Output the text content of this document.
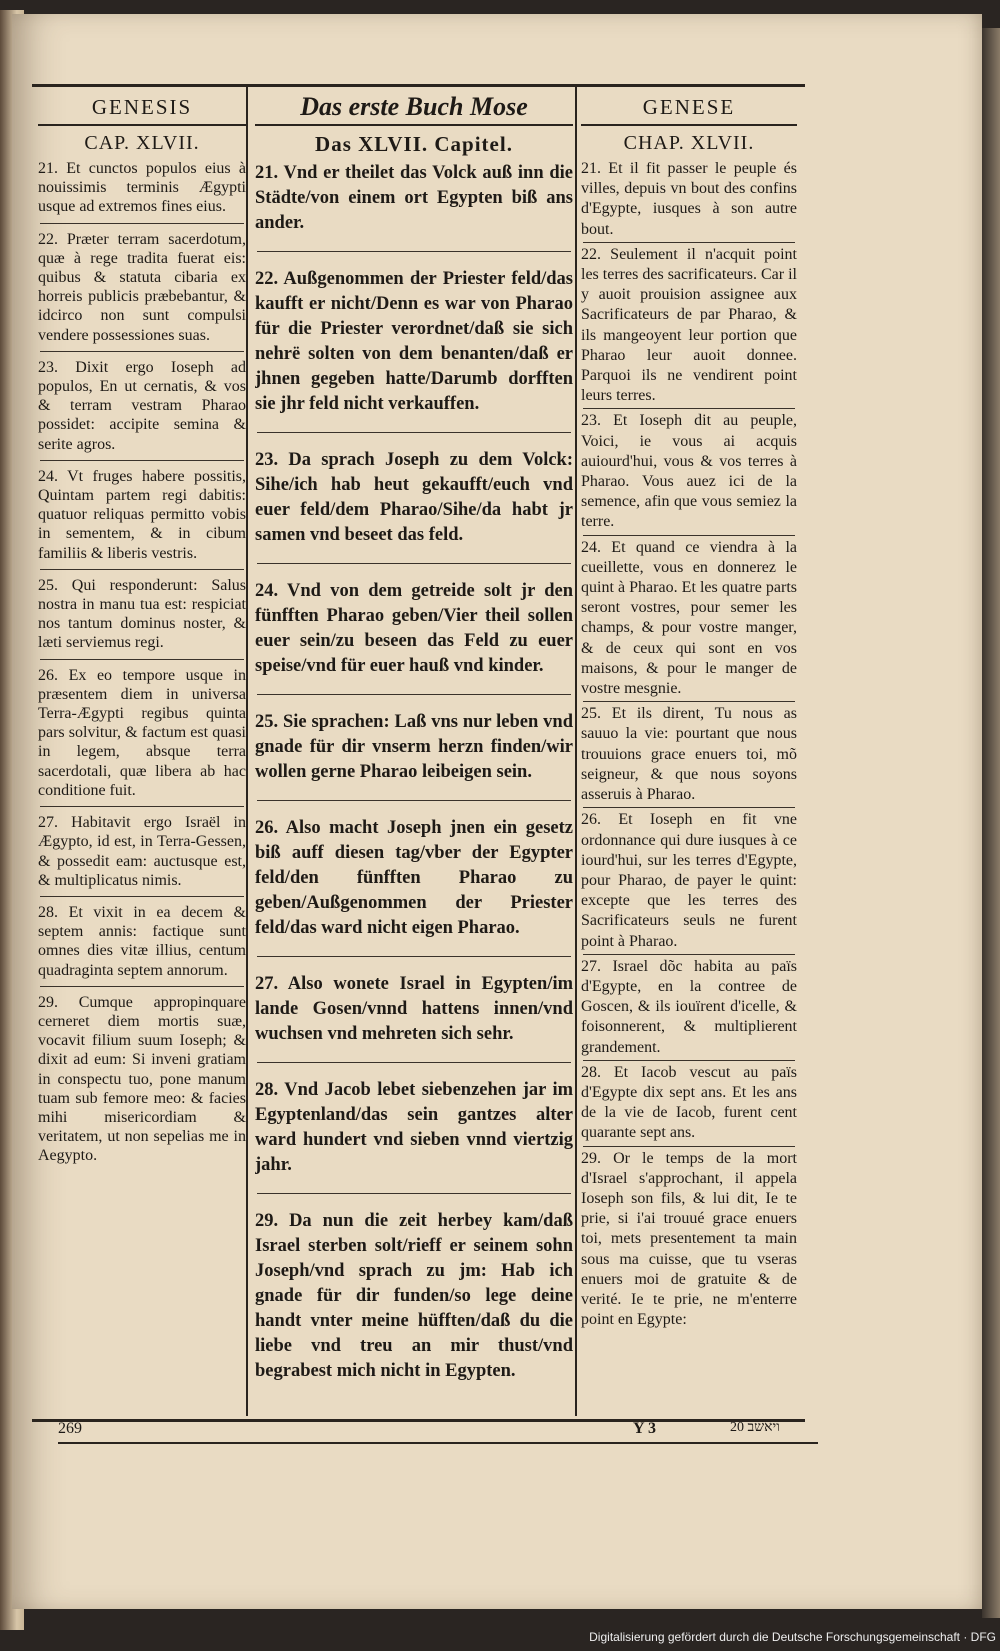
GENESIS
CAP. XLVII.

21. Et cunctos populos eius à nouissimis terminis Ægypti usque ad extremos fines eius.

22. Præter terram sacerdotum, quæ à rege tradita fuerat eis: quibus & statuta cibaria ex horreis publicis præbebantur, & idcirco non sunt compulsi vendere possessiones suas.

23. Dixit ergo Ioseph ad populos, En ut cernatis, & vos & terram vestram Pharao possidet: accipite semina & serite agros.

24. Vt fruges habere possitis, Quintam partem regi dabitis: quatuor reliquas permitto vobis in sementem, & in cibum familiis & liberis vestris.

25. Qui responderunt: Salus nostra in manu tua est: respiciat nos tantum dominus noster, & læti serviemus regi.

26. Ex eo tempore usque in præsentem diem in universa Terra-Ægypti regibus quinta pars solvitur, & factum est quasi in legem, absque terra sacerdotali, quæ libera ab hac conditione fuit.

27. Habitavit ergo Israël in Ægypto, id est, in Terra-Gessen, & possedit eam: auctusque est, & multiplicatus nimis.

28. Et vixit in ea decem & septem annis: factique sunt omnes dies vitæ illius, centum quadraginta septem annorum.

29. Cumque appropinquare cerneret diem mortis suæ, vocavit filium suum Ioseph; & dixit ad eum: Si inveni gratiam in conspectu tuo, pone manum tuam sub femore meo: & facies mihi misericordiam & veritatem, ut non sepelias me in Aegypto.

Das erste Buch Mose
Das XLVII. Capitel.

21. Vnd er theilet das Volck auß inn die Städte/von einem ort Egypten biß ans ander.

22. Außgenommen der Priester feld/das kaufft er nicht/Denn es war von Pharao für die Priester verordnet/daß sie sich nehrë solten von dem benanten/daß er jhnen gegeben hatte/Darumb dorfften sie jhr feld nicht verkauffen.

23. Da sprach Joseph zu dem Volck: Sihe/ich hab heut gekaufft/euch vnd euer feld/dem Pharao/Sihe/da habt jr samen vnd beseet das feld.

24. Vnd von dem getreide solt jr den fünfften Pharao geben/Vier theil sollen euer sein/zu beseen das Feld zu euer speise/vnd für euer hauß vnd kinder.

25. Sie sprachen: Laß vns nur leben vnd gnade für dir vnserm herzn finden/wir wollen gerne Pharao leibeigen sein.

26. Also macht Joseph jnen ein gesetz biß auff diesen tag/vber der Egypter feld/den fünfften Pharao zu geben/Außgenommen der Priester feld/das ward nicht eigen Pharao.

27. Also wonete Israel in Egypten/im lande Gosen/vnnd hattens innen/vnd wuchsen vnd mehreten sich sehr.

28. Vnd Jacob lebet siebenzehen jar im Egyptenland/das sein gantzes alter ward hundert vnd sieben vnnd viertzig jahr.

29. Da nun die zeit herbey kam/daß Israel sterben solt/rieff er seinem sohn Joseph/vnd sprach zu jm: Hab ich gnade für dir funden/so lege deine handt vnter meine hüfften/daß du die liebe vnd treu an mir thust/vnd begrabest mich nicht in Egypten.

GENESE
CHAP. XLVII.

21. Et il fit passer le peuple és villes, depuis vn bout des confins d'Egypte, iusques à son autre bout.

22. Seulement il n'acquit point les terres des sacrificateurs. Car il y auoit prouision assignee aux Sacrificateurs de par Pharao, & ils mangeoyent leur portion que Pharao leur auoit donnee. Parquoi ils ne vendirent point leurs terres.

23. Et Ioseph dit au peuple, Voici, ie vous ai acquis auiourd'hui, vous & vos terres à Pharao. Vous auez ici de la semence, afin que vous semiez la terre.

24. Et quand ce viendra à la cueillette, vous en donnerez le quint à Pharao. Et les quatre parts seront vostres, pour semer les champs, & pour vostre manger, & de ceux qui sont en vos maisons, & pour le manger de vostre mesgnie.

25. Et ils dirent, Tu nous as sauuo la vie: pourtant que nous trouuions grace enuers toi, mõ seigneur, & que nous soyons asseruis à Pharao.

26. Et Ioseph en fit vne ordonnance qui dure iusques à ce iourd'hui, sur les terres d'Egypte, pour Pharao, de payer le quint: excepte que les terres des Sacrificateurs seuls ne furent point à Pharao.

27. Israel dõc habita au païs d'Egypte, en la contree de Goscen, & ils iouïrent d'icelle, & foisonnerent, & multiplierent grandement.

28. Et Iacob vescut au païs d'Egypte dix sept ans. Et les ans de la vie de Iacob, furent cent quarante sept ans.

29. Or le temps de la mort d'Israel s'approchant, il appela Ioseph son fils, & lui dit, Ie te prie, si i'ai trouué grace enuers toi, mets presentement ta main sous ma cuisse, que tu vseras enuers moi de gratuite & de verité. Ie te prie, ne m'enterre point en Egypte:

269	Y 3	ויאשב 20
Digitalisierung gefördert durch die Deutsche Forschungsgemeinschaft · DFG
